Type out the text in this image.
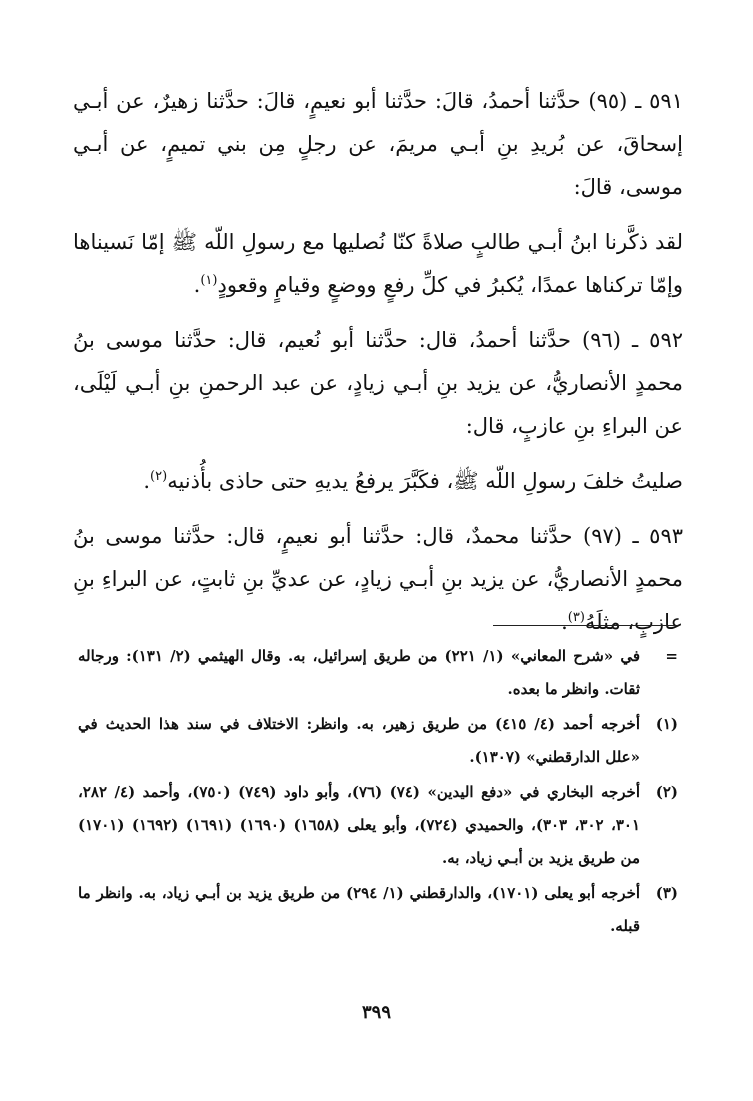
٥٩١ ـ (٩٥) حدَّثنا أحمدُ، قالَ: حدَّثنا أبو نعيمٍ، قالَ: حدَّثنا زهيرٌ، عن أبـي إسحاقَ، عن بُريدِ بنِ أبـي مريمَ، عن رجلٍ مِن بني تميمٍ، عن أبـي موسى، قالَ:

لقد ذكَّرنا ابنُ أبـي طالبٍ صلاةً كنّا نُصليها مع رسولِ اللّه ﷺ إمّا نَسيناها وإمّا تركناها عمدًا، يُكبرُ في كلِّ رفعٍ ووضعٍ وقيامٍ وقعودٍ$^{(١)}$.

٥٩٢ ـ (٩٦) حدَّثنا أحمدُ، قال: حدَّثنا أبو نُعيم، قال: حدَّثنا موسى بنُ محمدٍ الأنصاريُّ، عن يزيد بنِ أبـي زيادٍ، عن عبد الرحمنِ بنِ أبـي لَيْلَى، عن البراءِ بنِ عازبٍ، قال:

صليتُ خلفَ رسولِ اللّه ﷺ، فكَبَّرَ يرفعُ يديهِ حتى حاذى بأُذنيه$^{(٢)}$.

٥٩٣ ـ (٩٧) حدَّثنا محمدٌ، قال: حدَّثنا أبو نعيمٍ، قال: حدَّثنا موسى بنُ محمدٍ الأنصاريُّ، عن يزيد بنِ أبـي زيادٍ، عن عديِّ بنِ ثابتٍ، عن البراءِ بنِ عازبٍ، مثلَهُ$^{(٣)}$.

=
في «شرح المعاني» (١/ ٢٢١) من طريق إسرائيل، به. وقال الهيثمي (٢/ ١٣١): ورجاله ثقات. وانظر ما بعده.
(١)
أخرجه أحمد (٤/ ٤١٥) من طريق زهير، به. وانظر: الاختلاف في سند هذا الحديث في «علل الدارقطني» (١٣٠٧).
(٢)
أخرجه البخاري في «دفع اليدين» (٧٤) (٧٦)، وأبو داود (٧٤٩) (٧٥٠)، وأحمد (٤/ ٢٨٢، ٣٠١، ٣٠٢، ٣٠٣)، والحميدي (٧٢٤)، وأبو يعلى (١٦٥٨) (١٦٩٠) (١٦٩١) (١٦٩٢) (١٧٠١) من طريق يزيد بن أبـي زياد، به.
(٣)
أخرجه أبو يعلى (١٧٠١)، والدارقطني (١/ ٢٩٤) من طريق يزيد بن أبـي زياد، به. وانظر ما قبله.
٣٩٩
